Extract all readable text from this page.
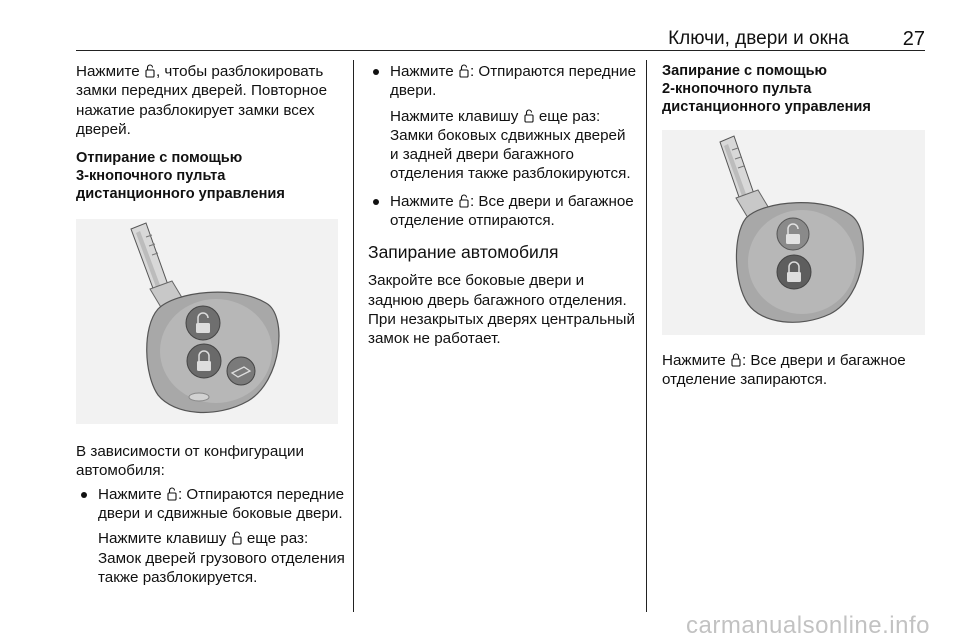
Ключи, двери и окна	27

Нажмите , чтобы разблокировать замки передних дверей. Повторное нажатие разблокирует замки всех дверей.

Отпирание с помощью
3-кнопочного пульта
дистанционного управления

В зависимости от конфигурации автомобиля:

Нажмите : Отпираются передние двери и сдвижные боковые двери.
Нажмите клавишу  еще раз: Замок дверей грузового отделения также разблокируется.
Нажмите : Отпираются передние двери.
Нажмите клавишу  еще раз: Замки боковых сдвижных дверей и задней двери багажного отделения также разблокируются.
Нажмите : Все двери и багажное отделение отпираются.

Запирание автомобиля

Закройте все боковые двери и заднюю дверь багажного отделения. При незакрытых дверях центральный замок не работает.

Запирание с помощью
2-кнопочного пульта
дистанционного управления

Нажмите : Все двери и багажное отделение запираются.

carmanualsonline.info
